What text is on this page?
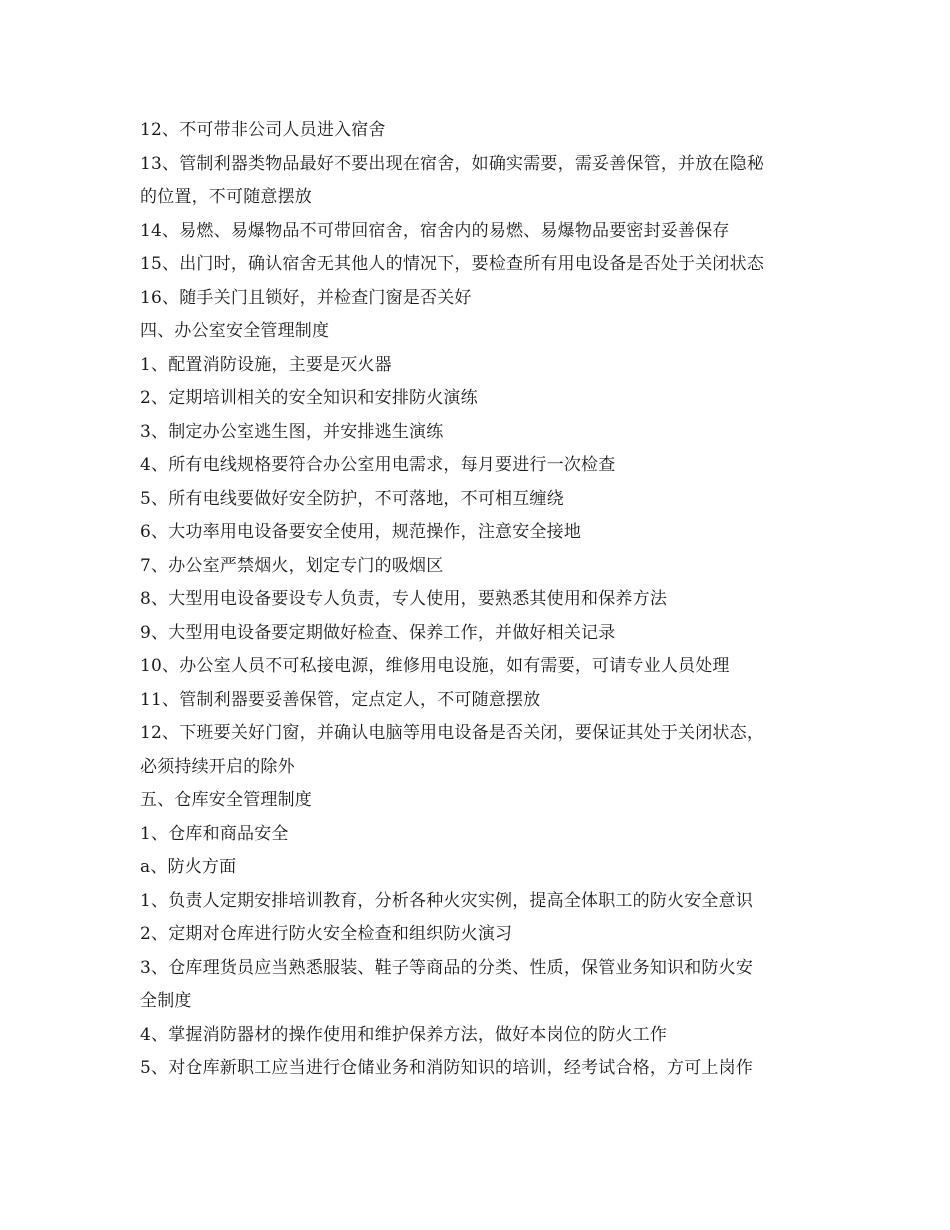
12、不可带非公司人员进入宿舍
13、管制利器类物品最好不要出现在宿舍，如确实需要，需妥善保管，并放在隐秘
的位置，不可随意摆放
14、易燃、易爆物品不可带回宿舍，宿舍内的易燃、易爆物品要密封妥善保存
15、出门时，确认宿舍无其他人的情况下，要检查所有用电设备是否处于关闭状态
16、随手关门且锁好，并检查门窗是否关好
四、办公室安全管理制度
1、配置消防设施，主要是灭火器
2、定期培训相关的安全知识和安排防火演练
3、制定办公室逃生图，并安排逃生演练
4、所有电线规格要符合办公室用电需求，每月要进行一次检查
5、所有电线要做好安全防护，不可落地，不可相互缠绕
6、大功率用电设备要安全使用，规范操作，注意安全接地
7、办公室严禁烟火，划定专门的吸烟区
8、大型用电设备要设专人负责，专人使用，要熟悉其使用和保养方法
9、大型用电设备要定期做好检查、保养工作，并做好相关记录
10、办公室人员不可私接电源，维修用电设施，如有需要，可请专业人员处理
11、管制利器要妥善保管，定点定人，不可随意摆放
12、下班要关好门窗，并确认电脑等用电设备是否关闭，要保证其处于关闭状态，
必须持续开启的除外
五、仓库安全管理制度
1、仓库和商品安全
a、防火方面
1、负责人定期安排培训教育，分析各种火灾实例，提高全体职工的防火安全意识
2、定期对仓库进行防火安全检查和组织防火演习
3、仓库理货员应当熟悉服装、鞋子等商品的分类、性质，保管业务知识和防火安
全制度
4、掌握消防器材的操作使用和维护保养方法，做好本岗位的防火工作
5、对仓库新职工应当进行仓储业务和消防知识的培训，经考试合格，方可上岗作
